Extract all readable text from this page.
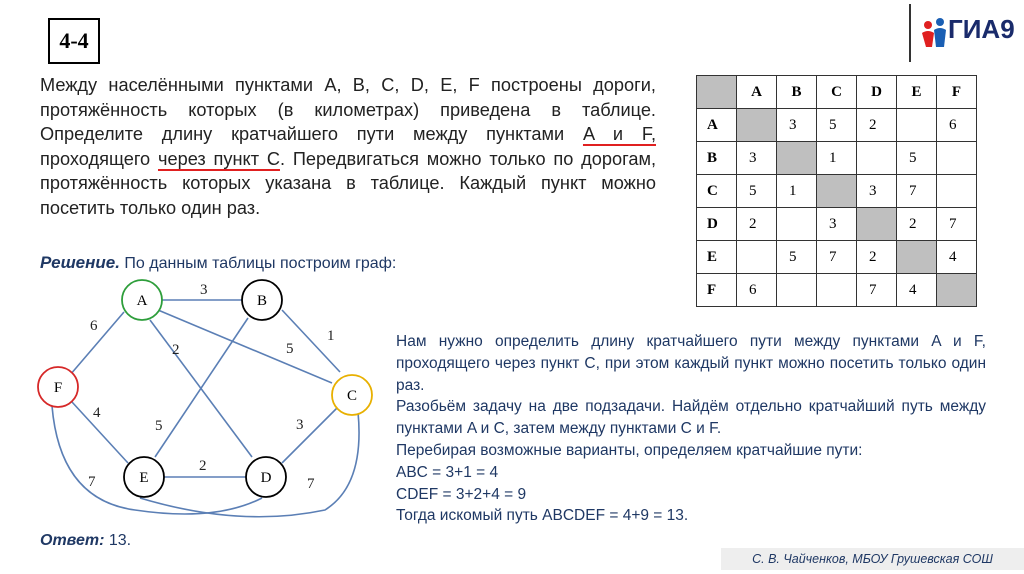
4-4	ГИА9
Между населёнными пунктами A, B, C, D, E, F построены дороги, протяжённость которых (в километрах) приведена в таблице. Определите длину кратчайшего пути между пунктами A и F, проходящего через пункт C. Передвигаться можно только по дорогам, протяжённость которых указана в таблице. Каждый пункт можно посетить только один раз.
Решение. По данным таблицы построим граф:
	A	B	C	D	E	F
A		3	5	2		6
B	3		1		5	
C	5	1		3	7	
D	2		3		2	7
E		5	7	2		4
F	6			7	4	
3
6
2	5
1
5	3
4
2
7	7
A	B
C
D
E
F

Нам нужно определить длину кратчайшего пути между пунктами A и F, проходящего через пункт C, при этом каждый пункт можно посетить только один раз.

Разобьём задачу на две подзадачи. Найдём отдельно кратчайший путь между пунктами A и C, затем между пунктами C и F.

Перебирая возможные варианты, определяем кратчайшие пути:

ABC = 3+1 = 4

CDEF = 3+2+4 = 9

Тогда искомый путь ABCDEF = 4+9 = 13.

Ответ: 13.
С. В. Чайченков, МБОУ Грушевская СОШ
